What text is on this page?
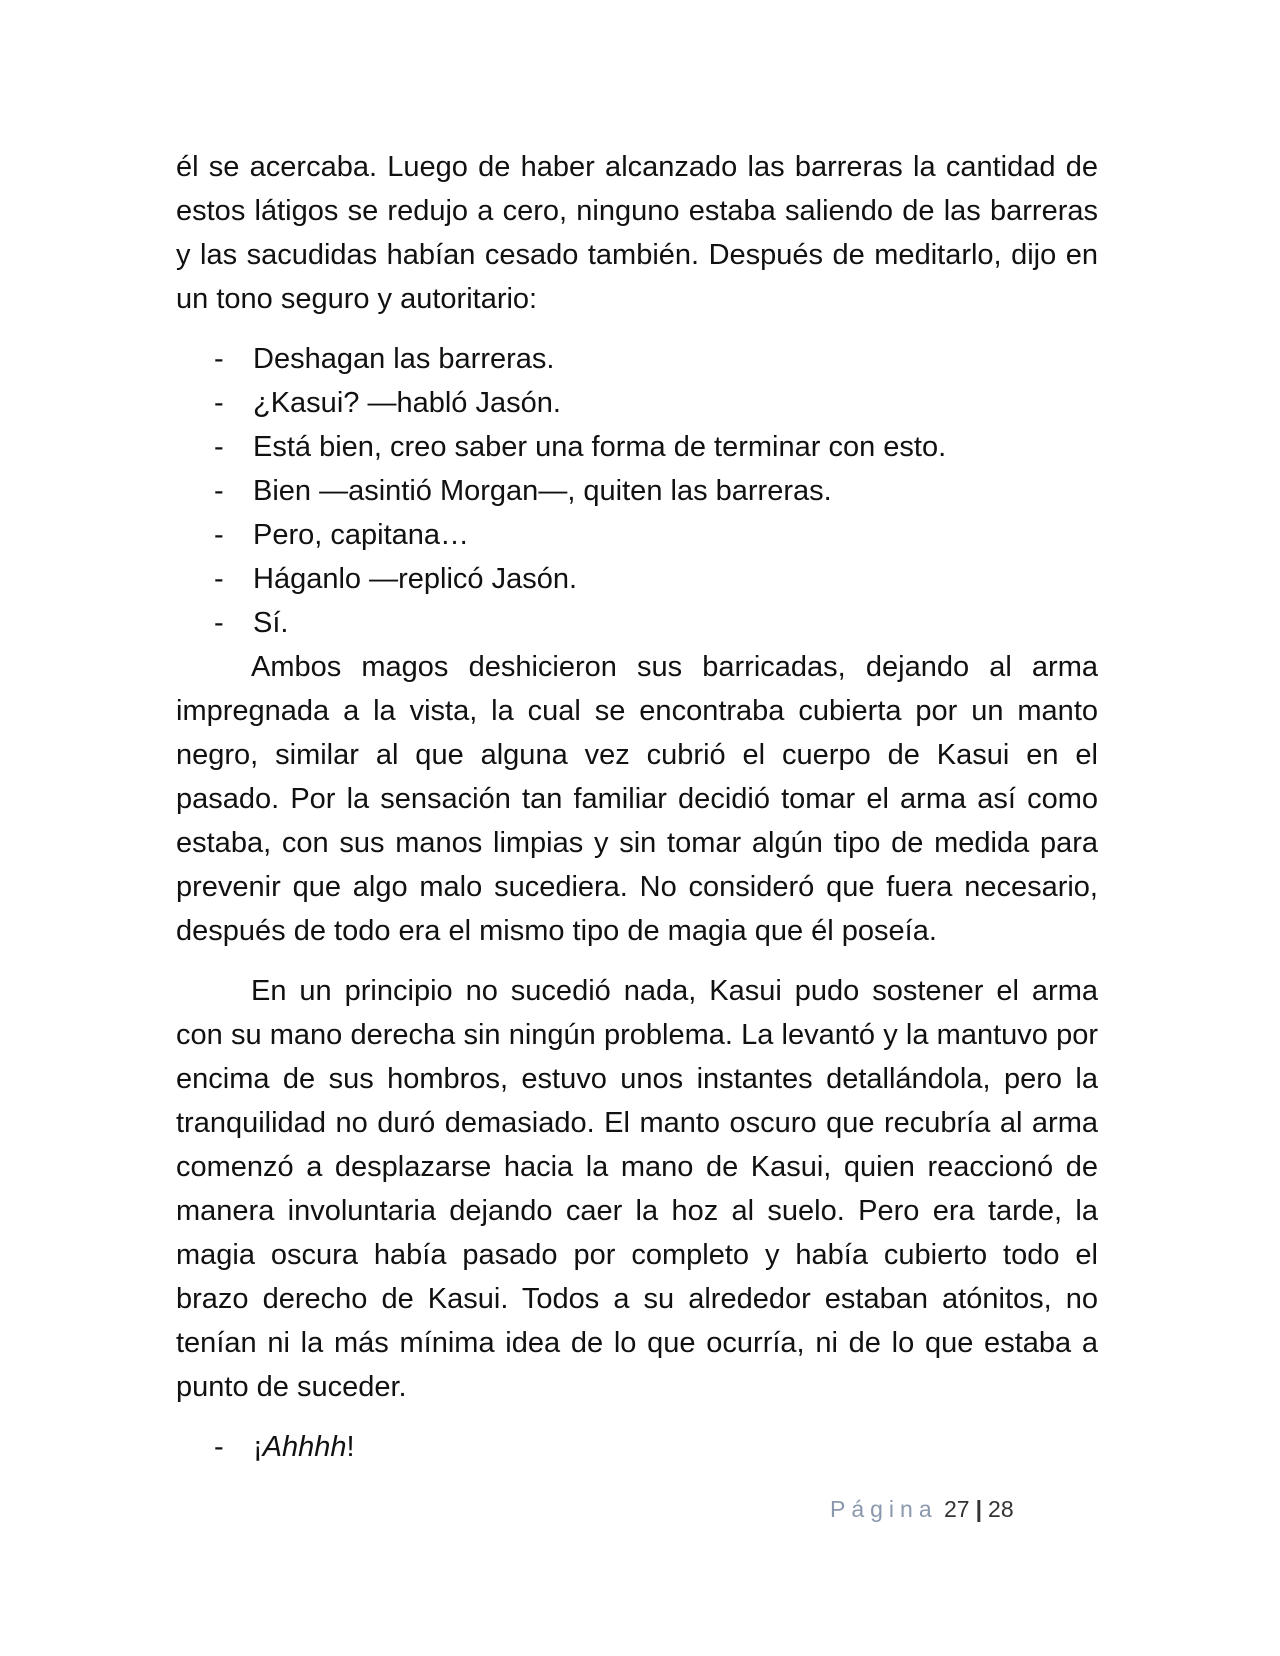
él se acercaba. Luego de haber alcanzado las barreras la cantidad de estos látigos se redujo a cero, ninguno estaba saliendo de las barreras y las sacudidas habían cesado también. Después de meditarlo, dijo en un tono seguro y autoritario:

- Deshagan las barreras.
- ¿Kasui? —habló Jasón.
- Está bien, creo saber una forma de terminar con esto.
- Bien —asintió Morgan—, quiten las barreras.
- Pero, capitana…
- Háganlo —replicó Jasón.
- Sí.

Ambos magos deshicieron sus barricadas, dejando al arma impregnada a la vista, la cual se encontraba cubierta por un manto negro, similar al que alguna vez cubrió el cuerpo de Kasui en el pasado. Por la sensación tan familiar decidió tomar el arma así como estaba, con sus manos limpias y sin tomar algún tipo de medida para prevenir que algo malo sucediera. No consideró que fuera necesario, después de todo era el mismo tipo de magia que él poseía.

En un principio no sucedió nada, Kasui pudo sostener el arma con su mano derecha sin ningún problema. La levantó y la mantuvo por encima de sus hombros, estuvo unos instantes detallándola, pero la tranquilidad no duró demasiado. El manto oscuro que recubría al arma comenzó a desplazarse hacia la mano de Kasui, quien reaccionó de manera involuntaria dejando caer la hoz al suelo. Pero era tarde, la magia oscura había pasado por completo y había cubierto todo el brazo derecho de Kasui. Todos a su alrededor estaban atónitos, no tenían ni la más mínima idea de lo que ocurría, ni de lo que estaba a punto de suceder.

- ¡Ahhhh!
Página 27 | 28
